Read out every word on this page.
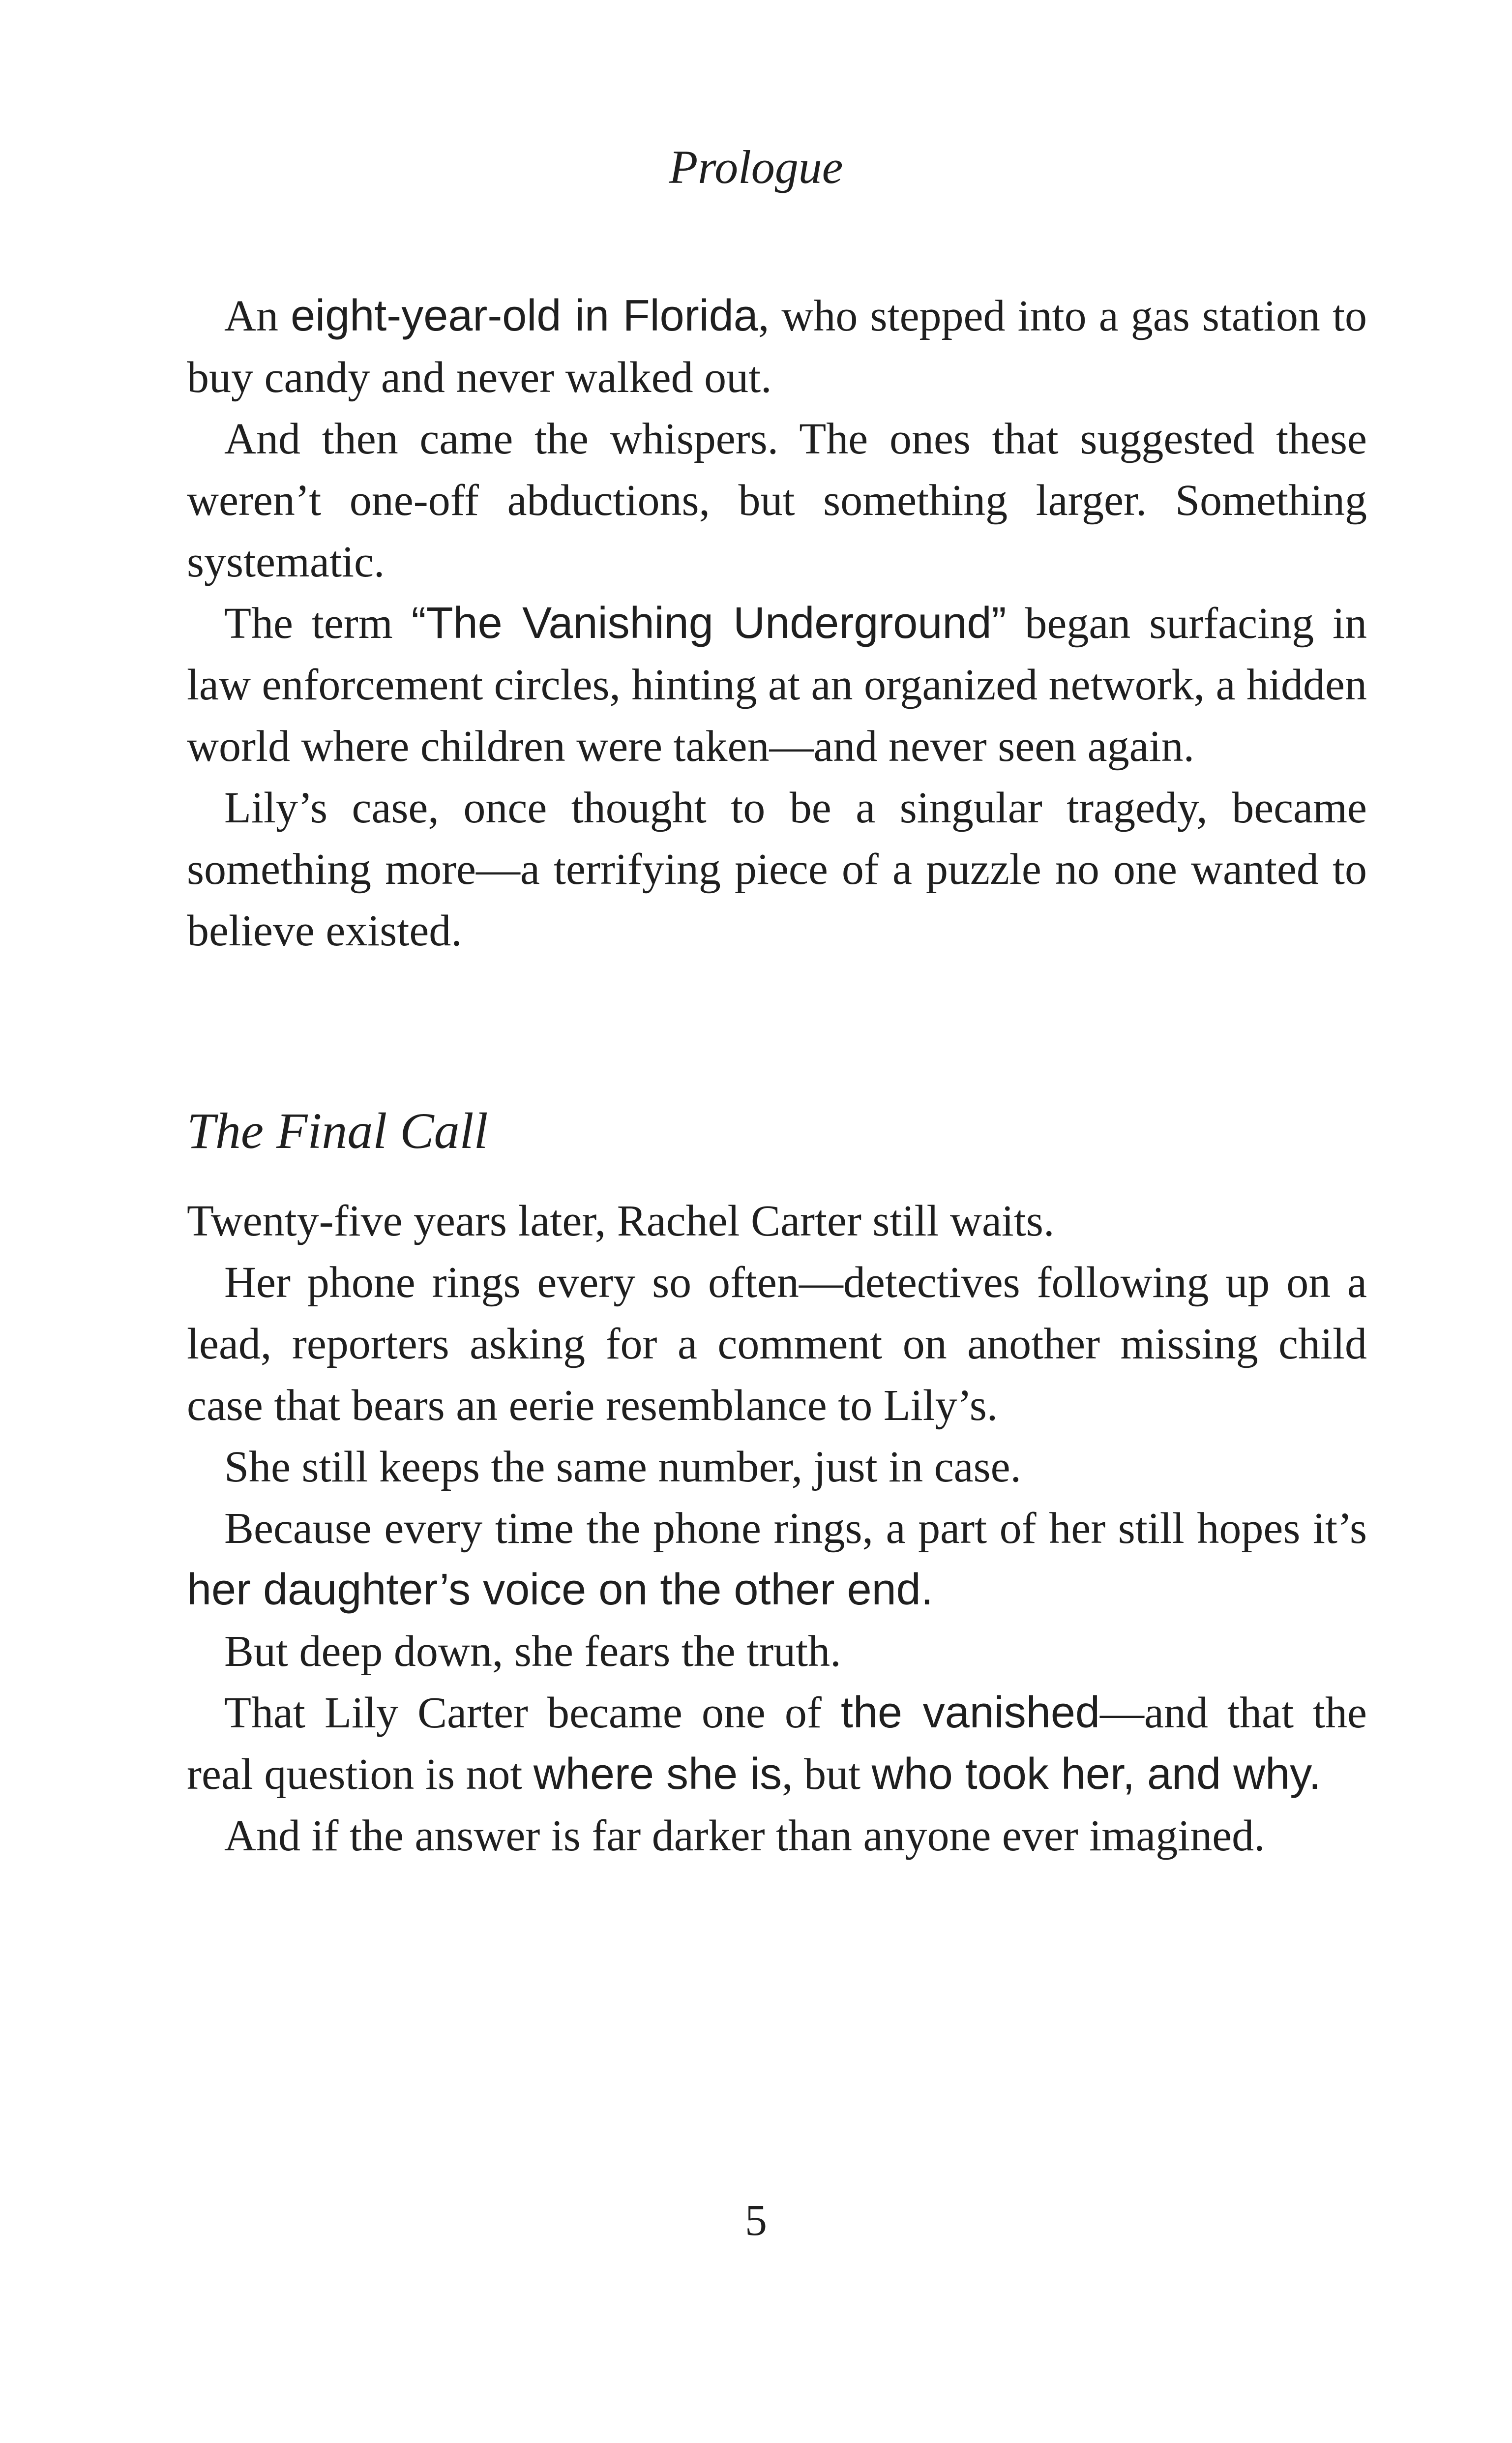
Prologue

An eight-year-old in Florida, who stepped into a gas station to buy candy and never walked out.

And then came the whispers. The ones that suggested these weren’t one-off abductions, but something larger. Something systematic.

The term “The Vanishing Underground” began surfacing in law enforcement circles, hinting at an organized network, a hidden world where children were taken—and never seen again.

Lily’s case, once thought to be a singular tragedy, became something more—a terrifying piece of a puzzle no one wanted to believe existed.

The Final Call

Twenty-five years later, Rachel Carter still waits.

Her phone rings every so often—detectives following up on a lead, reporters asking for a comment on another missing child case that bears an eerie resemblance to Lily’s.

She still keeps the same number, just in case.

Because every time the phone rings, a part of her still hopes it’s her daughter’s voice on the other end.

But deep down, she fears the truth.

That Lily Carter became one of the vanished—and that the real question is not where she is, but who took her, and why.

And if the answer is far darker than anyone ever imagined.

5
